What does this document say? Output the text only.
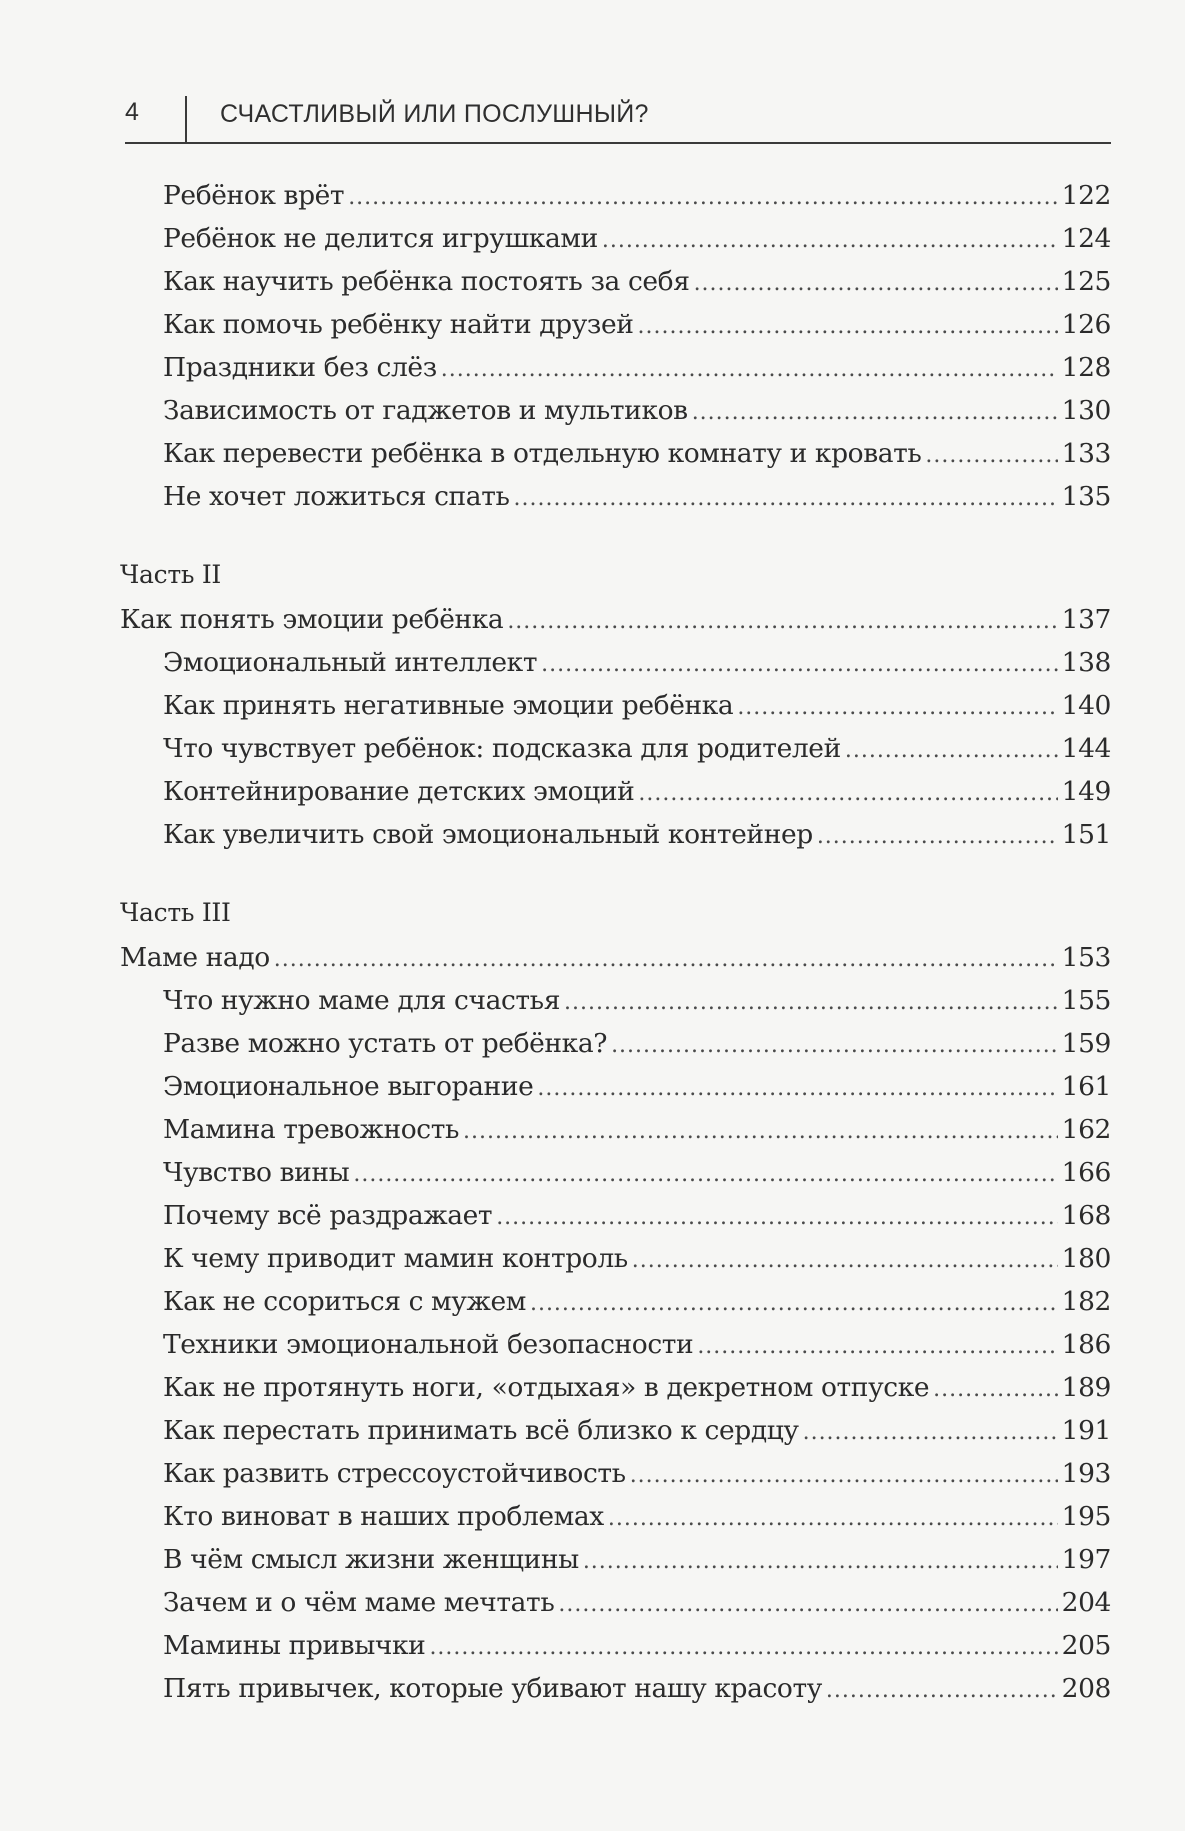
4	СЧАСТЛИВЫЙ ИЛИ ПОСЛУШНЫЙ?
Ребёнок врёт .....	122
Ребёнок не делится игрушками .....	124
Как научить ребёнка постоять за себя .....	125
Как помочь ребёнку найти друзей .....	126
Праздники без слёз .....	128
Зависимость от гаджетов и мультиков .....	130
Как перевести ребёнка в отдельную комнату и кровать .....	133
Не хочет ложиться спать .....	135
Часть II
Как понять эмоции ребёнка .....	137
Эмоциональный интеллект .....	138
Как принять негативные эмоции ребёнка .....	140
Что чувствует ребёнок: подсказка для родителей .....	144
Контейнирование детских эмоций .....	149
Как увеличить свой эмоциональный контейнер .....	151
Часть III
Маме надо .....	153
Что нужно маме для счастья .....	155
Разве можно устать от ребёнка? .....	159
Эмоциональное выгорание .....	161
Мамина тревожность .....	162
Чувство вины .....	166
Почему всё раздражает .....	168
К чему приводит мамин контроль .....	180
Как не ссориться с мужем .....	182
Техники эмоциональной безопасности .....	186
Как не протянуть ноги, «отдыхая» в декретном отпуске .....	189
Как перестать принимать всё близко к сердцу .....	191
Как развить стрессоустойчивость .....	193
Кто виноват в наших проблемах .....	195
В чём смысл жизни женщины .....	197
Зачем и о чём маме мечтать .....	204
Мамины привычки .....	205
Пять привычек, которые убивают нашу красоту .....	208
